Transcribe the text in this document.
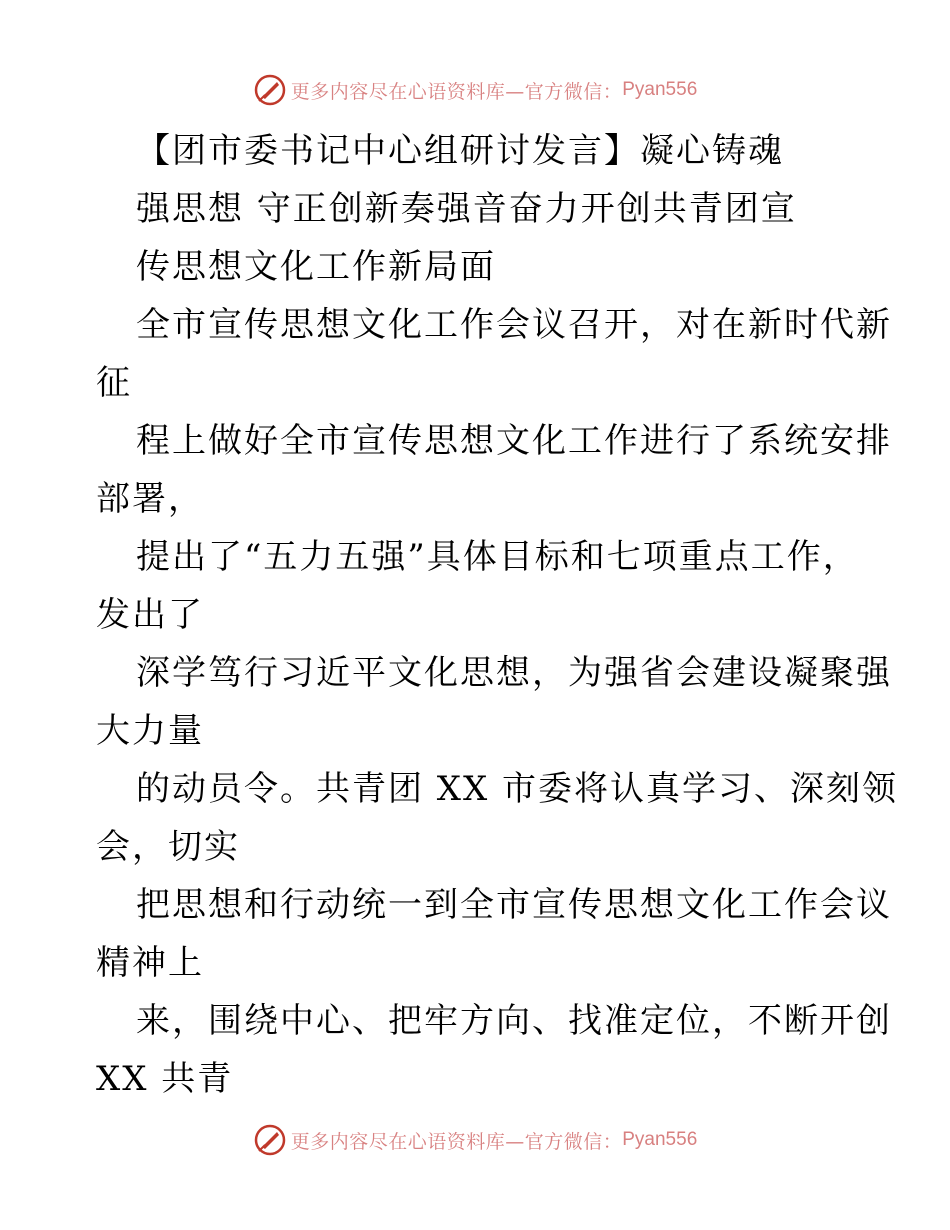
更多内容尽在心语资料库—官方微信： Pyan556
【团市委书记中心组研讨发言】凝心铸魂
强思想 守正创新奏强音奋力开创共青团宣
传思想文化工作新局面
全市宣传思想文化工作会议召开，对在新时代新
征
程上做好全市宣传思想文化工作进行了系统安排
部署，
提出了“五力五强”具体目标和七项重点工作，
发出了
深学笃行习近平文化思想，为强省会建设凝聚强
大力量
的动员令。共青团 XX 市委将认真学习、深刻领
会，切实
把思想和行动统一到全市宣传思想文化工作会议
精神上
来，围绕中心、把牢方向、找准定位，不断开创
XX 共青
更多内容尽在心语资料库—官方微信： Pyan556
